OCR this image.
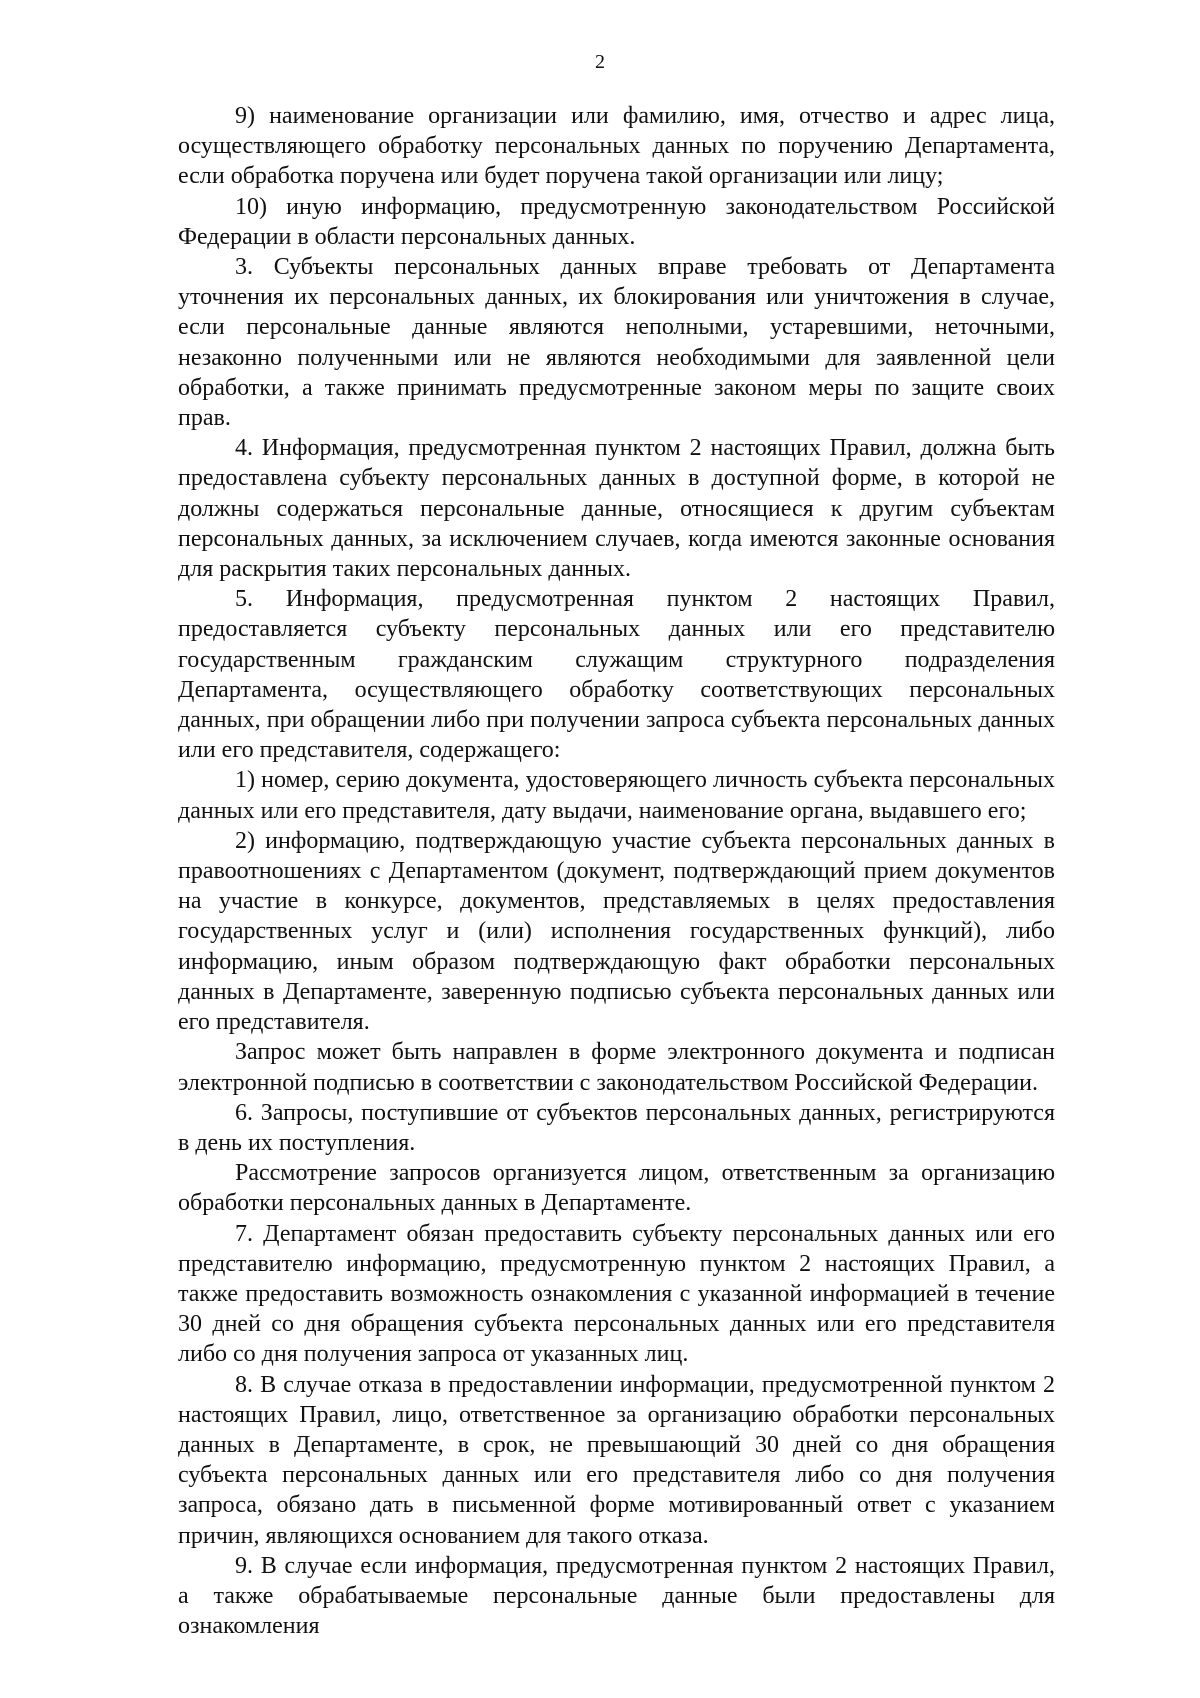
2

9) наименование организации или фамилию, имя, отчество и адрес лица, осуществляющего обработку персональных данных по поручению Департамента, если обработка поручена или будет поручена такой организации или лицу;

10) иную информацию, предусмотренную законодательством Российской Федерации в области персональных данных.

3. Субъекты персональных данных вправе требовать от Департамента уточнения их персональных данных, их блокирования или уничтожения в случае, если персональные данные являются неполными, устаревшими, неточными, незаконно полученными или не являются необходимыми для заявленной цели обработки, а также принимать предусмотренные законом меры по защите своих прав.

4. Информация, предусмотренная пунктом 2 настоящих Правил, должна быть предоставлена субъекту персональных данных в доступной форме, в которой не должны содержаться персональные данные, относящиеся к другим субъектам персональных данных, за исключением случаев, когда имеются законные основания для раскрытия таких персональных данных.

5. Информация, предусмотренная пунктом 2 настоящих Правил, предоставляется субъекту персональных данных или его представителю государственным гражданским служащим структурного подразделения Департамента, осуществляющего обработку соответствующих персональных данных, при обращении либо при получении запроса субъекта персональных данных или его представителя, содержащего:

1) номер, серию документа, удостоверяющего личность субъекта персональных данных или его представителя, дату выдачи, наименование органа, выдавшего его;

2) информацию, подтверждающую участие субъекта персональных данных в правоотношениях с Департаментом (документ, подтверждающий прием документов на участие в конкурсе, документов, представляемых в целях предоставления государственных услуг и (или) исполнения государственных функций), либо информацию, иным образом подтверждающую факт обработки персональных данных в Департаменте, заверенную подписью субъекта персональных данных или его представителя.

Запрос может быть направлен в форме электронного документа и подписан электронной подписью в соответствии с законодательством Российской Федерации.

6. Запросы, поступившие от субъектов персональных данных, регистрируются в день их поступления.

Рассмотрение запросов организуется лицом, ответственным за организацию обработки персональных данных в Департаменте.

7. Департамент обязан предоставить субъекту персональных данных или его представителю информацию, предусмотренную пунктом 2 настоящих Правил, а также предоставить возможность ознакомления с указанной информацией в течение 30 дней со дня обращения субъекта персональных данных или его представителя либо со дня получения запроса от указанных лиц.

8. В случае отказа в предоставлении информации, предусмотренной пунктом 2 настоящих Правил, лицо, ответственное за организацию обработки персональных данных в Департаменте, в срок, не превышающий 30 дней со дня обращения субъекта персональных данных или его представителя либо со дня получения запроса, обязано дать в письменной форме мотивированный ответ с указанием причин, являющихся основанием для такого отказа.

9. В случае если информация, предусмотренная пунктом 2 настоящих Правил, а также обрабатываемые персональные данные были предоставлены для ознакомления
